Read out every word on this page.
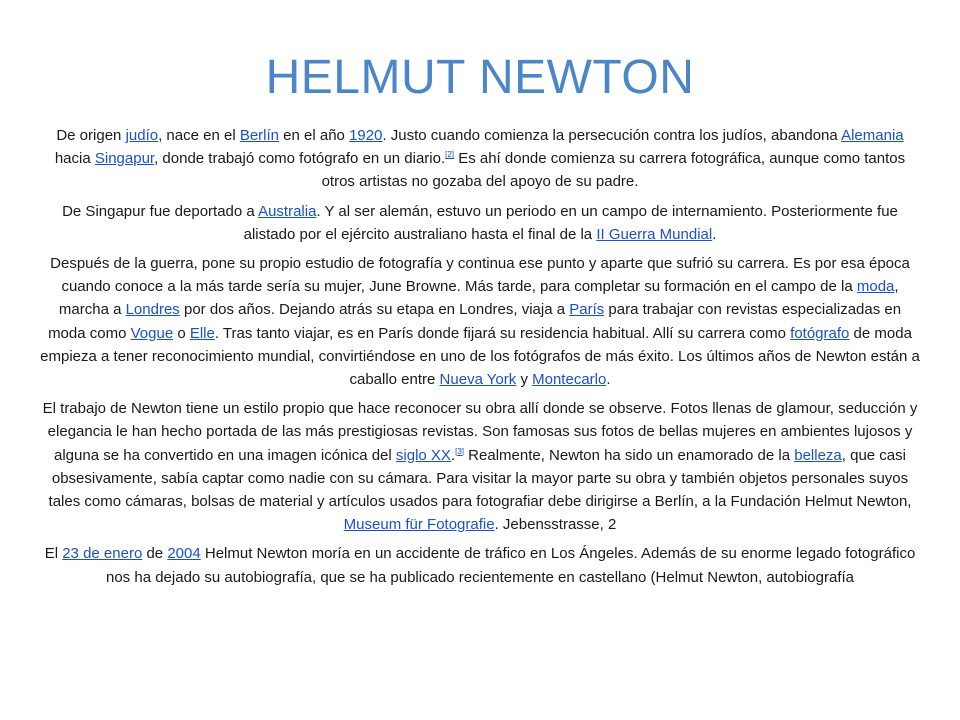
HELMUT NEWTON

De origen judío, nace en el Berlín en el año 1920. Justo cuando comienza la persecución contra los judíos, abandona Alemania hacia Singapur, donde trabajó como fotógrafo en un diario.[2] Es ahí donde comienza su carrera fotográfica, aunque como tantos otros artistas no gozaba del apoyo de su padre.

De Singapur fue deportado a Australia. Y al ser alemán, estuvo un periodo en un campo de internamiento. Posteriormente fue alistado por el ejército australiano hasta el final de la II Guerra Mundial.

Después de la guerra, pone su propio estudio de fotografía y continua ese punto y aparte que sufrió su carrera. Es por esa época cuando conoce a la más tarde sería su mujer, June Browne. Más tarde, para completar su formación en el campo de la moda, marcha a Londres por dos años. Dejando atrás su etapa en Londres, viaja a París para trabajar con revistas especializadas en moda como Vogue o Elle. Tras tanto viajar, es en París donde fijará su residencia habitual. Allí su carrera como fotógrafo de moda empieza a tener reconocimiento mundial, convirtiéndose en uno de los fotógrafos de más éxito. Los últimos años de Newton están a caballo entre Nueva York y Montecarlo.

El trabajo de Newton tiene un estilo propio que hace reconocer su obra allí donde se observe. Fotos llenas de glamour, seducción y elegancia le han hecho portada de las más prestigiosas revistas. Son famosas sus fotos de bellas mujeres en ambientes lujosos y alguna se ha convertido en una imagen icónica del siglo XX.[3] Realmente, Newton ha sido un enamorado de la belleza, que casi obsesivamente, sabía captar como nadie con su cámara. Para visitar la mayor parte su obra y también objetos personales suyos tales como cámaras, bolsas de material y artículos usados para fotografiar debe dirigirse a Berlín, a la Fundación Helmut Newton, Museum für Fotografie. Jebensstrasse, 2

El 23 de enero de 2004 Helmut Newton moría en un accidente de tráfico en Los Ángeles. Además de su enorme legado fotográfico nos ha dejado su autobiografía, que se ha publicado recientemente en castellano (Helmut Newton, autobiografía
